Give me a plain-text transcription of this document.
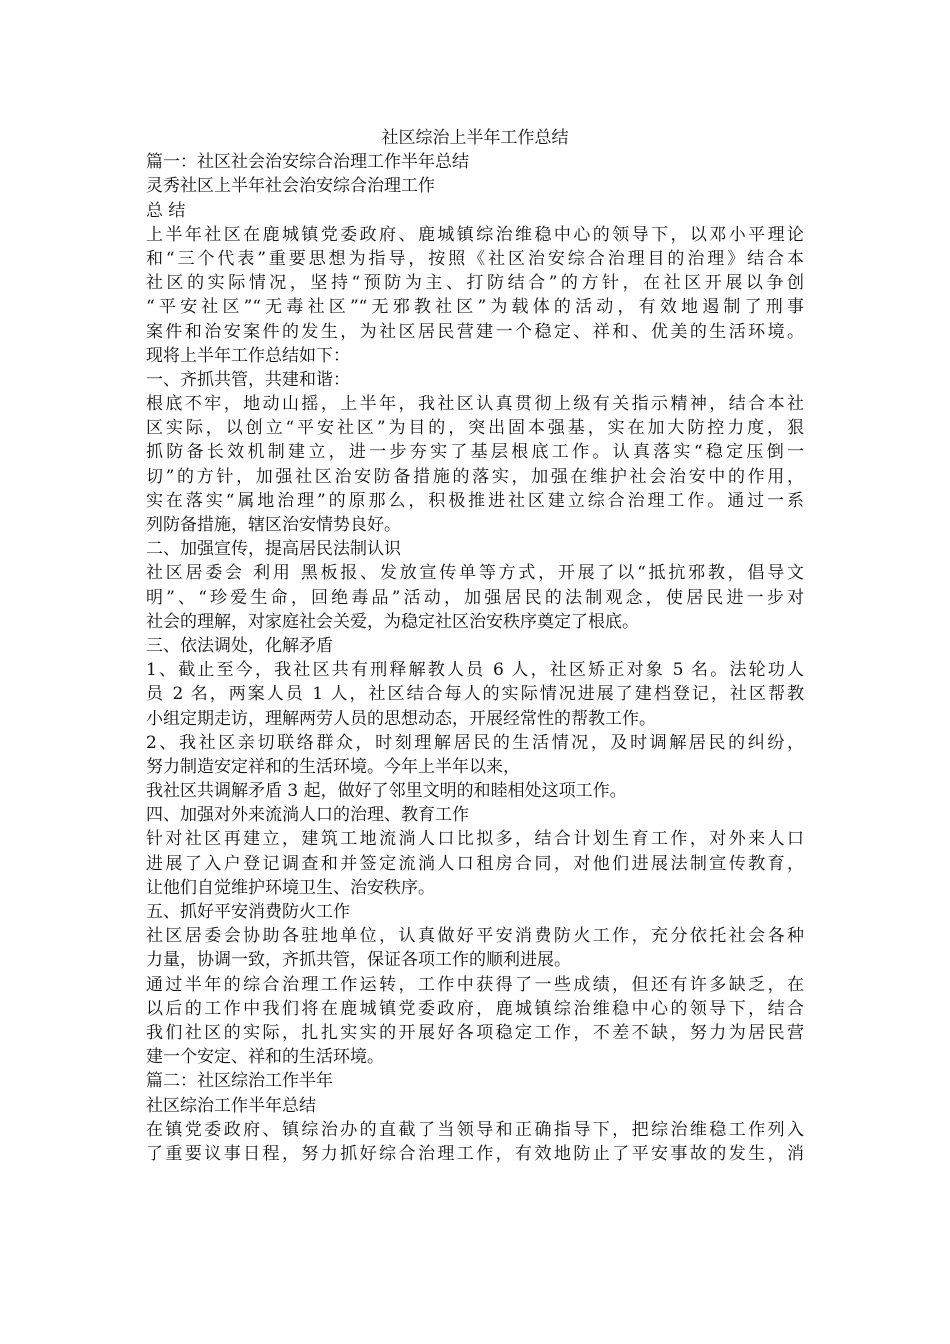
社区综治上半年工作总结
篇一：社区社会治安综合治理工作半年总结
灵秀社区上半年社会治安综合治理工作
总 结
上半年社区在鹿城镇党委政府、鹿城镇综治维稳中心的领导下，以邓小平理论
和“三个代表”重要思想为指导，按照《社区治安综合治理目的治理》结合本
社区的实际情况，坚持“预防为主、打防结合”的方针，在社区开展以争创
“平安社区”“无毒社区”“无邪教社区”为载体的活动，有效地遏制了刑事
案件和治安案件的发生，为社区居民营建一个稳定、祥和、优美的生活环境。
现将上半年工作总结如下：
一、齐抓共管，共建和谐：
根底不牢，地动山摇，上半年，我社区认真贯彻上级有关指示精神，结合本社
区实际，以创立“平安社区”为目的，突出固本强基，实在加大防控力度，狠
抓防备长效机制建立，进一步夯实了基层根底工作。认真落实“稳定压倒一
切”的方针，加强社区治安防备措施的落实，加强在维护社会治安中的作用，
实在落实“属地治理”的原那么，积极推进社区建立综合治理工作。通过一系
列防备措施，辖区治安情势良好。
二、加强宣传，提高居民法制认识
社区居委会 利用 黑板报、发放宣传单等方式，开展了以“抵抗邪教，倡导文
明”、“珍爱生命，回绝毒品”活动，加强居民的法制观念，使居民进一步对
社会的理解，对家庭社会关爱，为稳定社区治安秩序奠定了根底。
三、依法调处，化解矛盾
1、截止至今，我社区共有刑释解教人员 6 人，社区矫正对象 5 名。法轮功人
员 2 名，两案人员 1 人，社区结合每人的实际情况进展了建档登记，社区帮教
小组定期走访，理解两劳人员的思想动态，开展经常性的帮教工作。
2、我社区亲切联络群众，时刻理解居民的生活情况，及时调解居民的纠纷，
努力制造安定祥和的生活环境。今年上半年以来，
我社区共调解矛盾 3 起，做好了邻里文明的和睦相处这项工作。
四、加强对外来流淌人口的治理、教育工作
针对社区再建立，建筑工地流淌人口比拟多，结合计划生育工作，对外来人口
进展了入户登记调查和并签定流淌人口租房合同，对他们进展法制宣传教育，
让他们自觉维护环境卫生、治安秩序。
五、抓好平安消费防火工作
社区居委会协助各驻地单位，认真做好平安消费防火工作，充分依托社会各种
力量，协调一致，齐抓共管，保证各项工作的顺利进展。
通过半年的综合治理工作运转，工作中获得了一些成绩，但还有许多缺乏，在
以后的工作中我们将在鹿城镇党委政府，鹿城镇综治维稳中心的领导下，结合
我们社区的实际，扎扎实实的开展好各项稳定工作，不差不缺，努力为居民营
建一个安定、祥和的生活环境。
篇二：社区综治工作半年
社区综治工作半年总结
在镇党委政府、镇综治办的直截了当领导和正确指导下，把综治维稳工作列入
了重要议事日程，努力抓好综合治理工作，有效地防止了平安事故的发生，消
